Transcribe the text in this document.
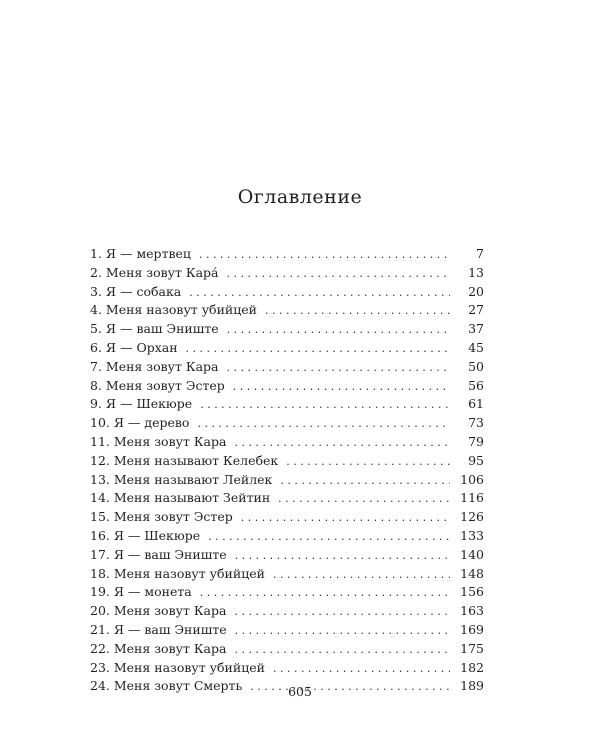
Оглавление
1. Я — мертвец . . .	7
2. Меня зовут Кара́ . . .	13
3. Я — собака . . .	20
4. Меня назовут убийцей . . .	27
5. Я — ваш Эниште . . .	37
6. Я — Орхан . . .	45
7. Меня зовут Кара . . .	50
8. Меня зовут Эстер . . .	56
9. Я — Шекюре . . .	61
10. Я — дерево . . .	73
11. Меня зовут Кара . . .	79
12. Меня называют Келебек . . .	95
13. Меня называют Лейлек . . .	106
14. Меня называют Зейтин . . .	116
15. Меня зовут Эстер . . .	126
16. Я — Шекюре . . .	133
17. Я — ваш Эниште . . .	140
18. Меня назовут убийцей . . .	148
19. Я — монета . . .	156
20. Меня зовут Кара . . .	163
21. Я — ваш Эниште . . .	169
22. Меня зовут Кара . . .	175
23. Меня назовут убийцей . . .	182
24. Меня зовут Смерть . . .	189
605
